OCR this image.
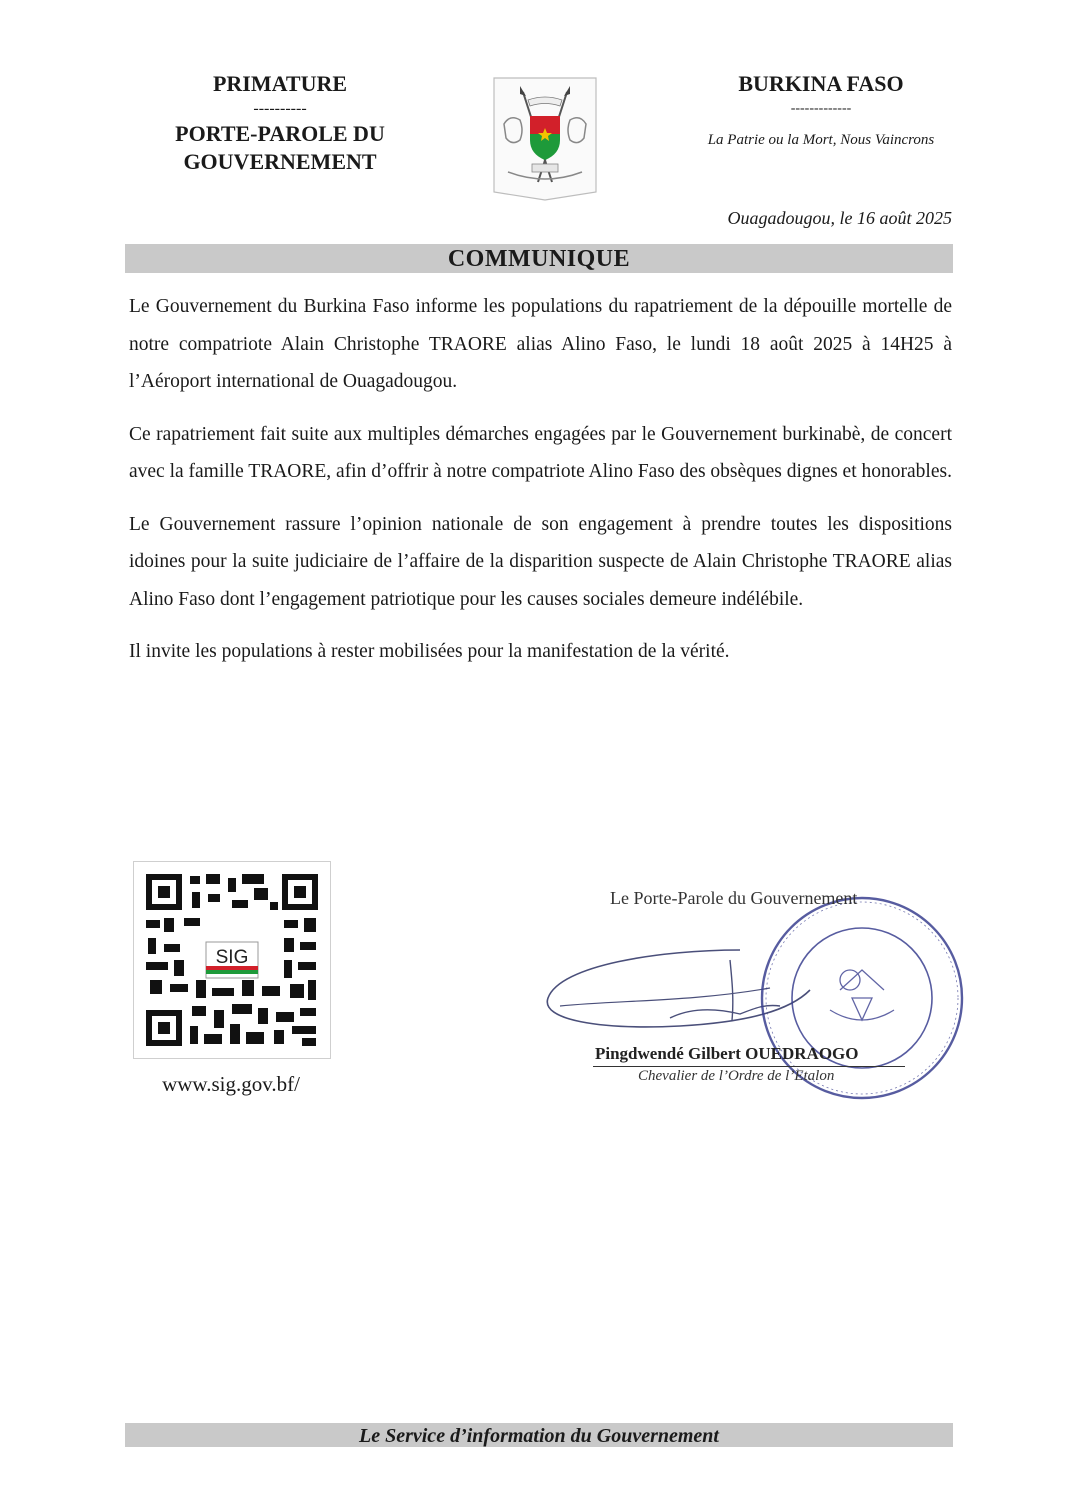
PRIMATURE
----------
PORTE-PAROLE DU
GOUVERNEMENT
BURKINA FASO
-------------
La Patrie ou la Mort, Nous Vaincrons
Ouagadougou, le 16 août 2025
COMMUNIQUE

Le Gouvernement du Burkina Faso informe les populations du rapatriement de la dépouille mortelle de notre compatriote Alain Christophe TRAORE alias Alino Faso, le lundi 18 août 2025 à 14H25 à l’Aéroport international de Ouagadougou.

Ce rapatriement fait suite aux multiples démarches engagées par le Gouvernement burkinabè, de concert avec la famille TRAORE, afin d’offrir à notre compatriote Alino Faso des obsèques dignes et honorables.

Le Gouvernement rassure l’opinion nationale de son engagement à prendre toutes les dispositions idoines pour la suite judiciaire de l’affaire de la disparition suspecte de Alain Christophe TRAORE alias Alino Faso dont l’engagement patriotique pour les causes sociales demeure indélébile.

Il invite les populations à rester mobilisées pour la manifestation de la vérité.

SIG
www.sig.gov.bf/
Le Porte-Parole du Gouvernement
Pingdwendé Gilbert OUEDRAOGO
Chevalier de l’Ordre de l’Etalon
Le Service d’information du Gouvernement
